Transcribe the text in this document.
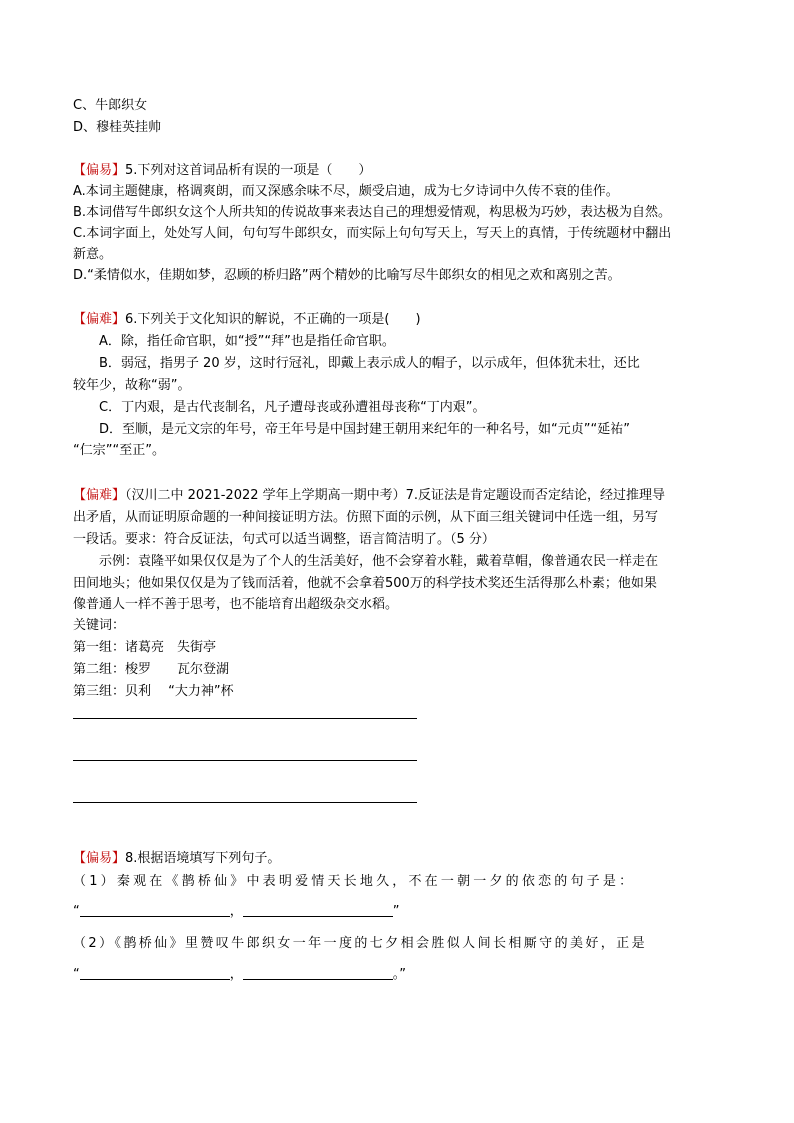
C、牛郎织女
D、穆桂英挂帅
【偏易】5.下列对这首词品析有误的一项是（　　）
A.本词主题健康，格调爽朗，而又深感余味不尽，颇受启迪，成为七夕诗词中久传不衰的佳作。
B.本词借写牛郎织女这个人所共知的传说故事来表达自己的理想爱情观，构思极为巧妙，表达极为自然。
C.本词字面上，处处写人间，句句写牛郎织女，而实际上句句写天上，写天上的真情，于传统题材中翻出
新意。
D.“柔情似水，佳期如梦，忍顾的桥归路”两个精妙的比喻写尽牛郎织女的相见之欢和离别之苦。
【偏难】6.下列关于文化知识的解说，不正确的一项是(　　)
A．除，指任命官职，如“授”“拜”也是指任命官职。
B．弱冠，指男子 20 岁，这时行冠礼，即戴上表示成人的帽子，以示成年，但体犹未壮，还比
较年少，故称“弱”。
C．丁内艰，是古代丧制名，凡子遭母丧或孙遭祖母丧称“丁内艰”。
D．至顺，是元文宗的年号，帝王年号是中国封建王朝用来纪年的一种名号，如“元贞”“延祐”
“仁宗”“至正”。
【偏难】（汉川二中 2021-2022 学年上学期高一期中考）7.反证法是肯定题设而否定结论，经过推理导
出矛盾，从而证明原命题的一种间接证明方法。仿照下面的示例，从下面三组关键词中任选一组，另写
一段话。要求：符合反证法，句式可以适当调整，语言简洁明了。（5 分）
示例：袁隆平如果仅仅是为了个人的生活美好，他不会穿着水鞋，戴着草帽，像普通农民一样走在
田间地头；他如果仅仅是为了钱而活着，他就不会拿着500万的科学技术奖还生活得那么朴素；他如果
像普通人一样不善于思考，也不能培育出超级杂交水稻。
关键词：
第一组：诸葛亮　失街亭
第二组：梭罗　　瓦尔登湖
第三组：贝利　 “大力神”杯
【偏易】8.根据语境填写下列句子。
（1）秦观在《鹊桥仙》中表明爱情天长地久，不在一朝一夕的依恋的句子是：
“	，	”
（2）《鹊桥仙》里赞叹牛郎织女一年一度的七夕相会胜似人间长相厮守的美好，正是
“	，	。”
